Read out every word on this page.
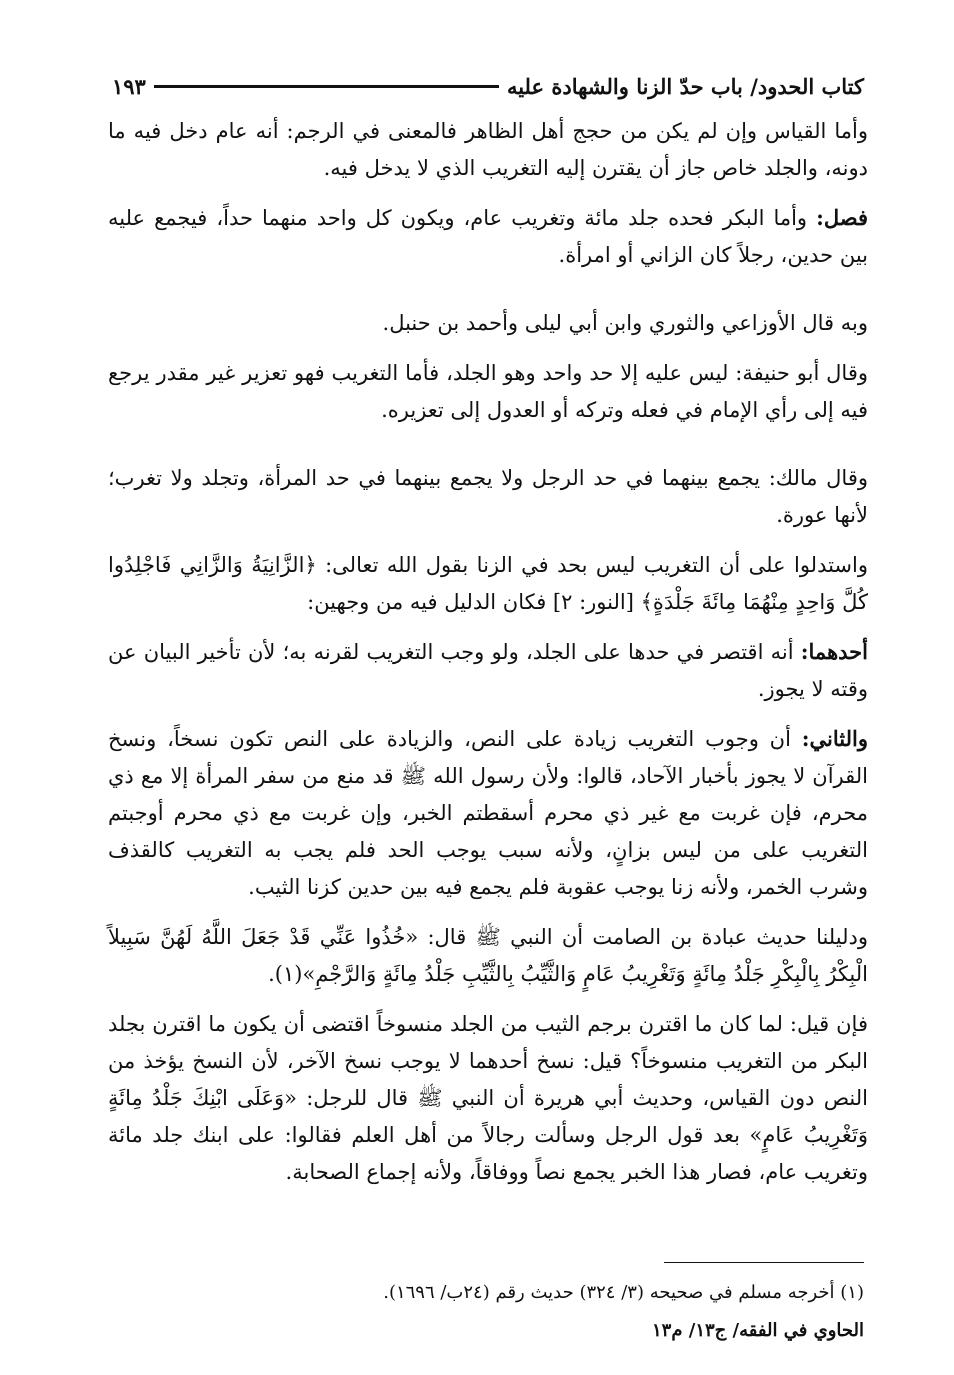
كتاب الحدود/ باب حدّ الزنا والشهادة عليه
١٩٣

وأما القياس وإن لم يكن من حجج أهل الظاهر فالمعنى في الرجم: أنه عام دخل فيه ما دونه، والجلد خاص جاز أن يقترن إليه التغريب الذي لا يدخل فيه.

فصل: وأما البكر فحده جلد مائة وتغريب عام، ويكون كل واحد منهما حداً، فيجمع عليه بين حدين، رجلاً كان الزاني أو امرأة.

وبه قال الأوزاعي والثوري وابن أبي ليلى وأحمد بن حنبل.

وقال أبو حنيفة: ليس عليه إلا حد واحد وهو الجلد، فأما التغريب فهو تعزير غير مقدر يرجع فيه إلى رأي الإمام في فعله وتركه أو العدول إلى تعزيره.

وقال مالك: يجمع بينهما في حد الرجل ولا يجمع بينهما في حد المرأة، وتجلد ولا تغرب؛ لأنها عورة.

واستدلوا على أن التغريب ليس بحد في الزنا بقول الله تعالى: ﴿الزَّانِيَةُ وَالزَّانِي فَاجْلِدُوا كُلَّ وَاحِدٍ مِنْهُمَا مِائَةَ جَلْدَةٍ﴾ [النور: ٢] فكان الدليل فيه من وجهين:

أحدهما: أنه اقتصر في حدها على الجلد، ولو وجب التغريب لقرنه به؛ لأن تأخير البيان عن وقته لا يجوز.

والثاني: أن وجوب التغريب زيادة على النص، والزيادة على النص تكون نسخاً، ونسخ القرآن لا يجوز بأخبار الآحاد، قالوا: ولأن رسول الله ﷺ قد منع من سفر المرأة إلا مع ذي محرم، فإن غربت مع غير ذي محرم أسقطتم الخبر، وإن غربت مع ذي محرم أوجبتم التغريب على من ليس بزانٍ، ولأنه سبب يوجب الحد فلم يجب به التغريب كالقذف وشرب الخمر، ولأنه زنا يوجب عقوبة فلم يجمع فيه بين حدين كزنا الثيب.

ودليلنا حديث عبادة بن الصامت أن النبي ﷺ قال: «خُذُوا عَنِّي قَدْ جَعَلَ اللَّهُ لَهُنَّ سَبِيلاً الْبِكْرُ بِالْبِكْرِ جَلْدُ مِائَةٍ وَتَغْرِيبُ عَامٍ وَالثَّيِّبُ بِالثَّيِّبِ جَلْدُ مِائَةٍ وَالرَّجْمِ»(١).

فإن قيل: لما كان ما اقترن برجم الثيب من الجلد منسوخاً اقتضى أن يكون ما اقترن بجلد البكر من التغريب منسوخاً؟ قيل: نسخ أحدهما لا يوجب نسخ الآخر، لأن النسخ يؤخذ من النص دون القياس، وحديث أبي هريرة أن النبي ﷺ قال للرجل: «وَعَلَى ابْنِكَ جَلْدُ مِائَةٍ وَتَغْرِيبُ عَامٍ» بعد قول الرجل وسألت رجالاً من أهل العلم فقالوا: على ابنك جلد مائة وتغريب عام، فصار هذا الخبر يجمع نصاً ووفاقاً، ولأنه إجماع الصحابة.

(١) أخرجه مسلم في صحيحه (٣/ ٣٢٤) حديث رقم (٢٤ب/ ١٦٩٦).
الحاوي في الفقه/ ج١٣/ م١٣
